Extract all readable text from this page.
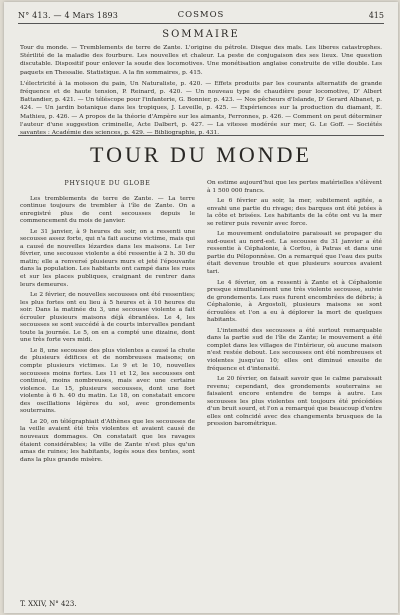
N° 413. — 4 Mars 1893	COSMOS	415
SOMMAIRE

Tour du monde. — Tremblements de terre de Zante. L'origine du pétrole. Disque des maïs. Les liberes catastrophes. Stérilité de la maladie des fourbure. Les nouvelles et chaleur. La peste de conjugaison des ses lieux. Une question discutable. Dispositif pour enlever la soude des locomotives. Une monétisation anglaise construite de ville double. Les paquets en Thessalie. Statistique. A la fin sommaires, p. 415.

L'électricité à la moisson du pain, Un Naturaliste, p. 420. — Effets produits par les courants alternatifs de grande fréquence et de haute tension, P. Reinard, p. 420. — Un nouveau type de chaudière pour locomotive, D' Albert Battandier, p. 421. — Un téléscope pour l'infanterie, G. Bonnier, p. 423. — Nos pêcheurs d'Islande, D' Gerard Albanet, p. 424. — Un jardin botanique dans les tropiques, J. Leveille, p. 425. — Expériences sur la production du diamant, E. Mathieu, p. 426. — A propos de la théorie d'Ampère sur les aimants, Ferronnes, p. 426. — Comment on peut déterminer l'auteur d'une suggestion criminelle, Acte Dalbert, p. 427. — La vitesse modérée sur mer, G. Le Goff. — Sociétés savantes : Académie des sciences, p. 429. — Bibliographie, p. 431.

TOUR DU MONDE
PHYSIQUE DU GLOBE

Les tremblements de terre de Zante. — La terre continue toujours de trembler à l'île de Zante. On a enregistré plus de cent secousses depuis le commencement du mois de janvier.

Le 31 janvier, à 9 heures du soir, on a ressenti une secousse assez forte, qui n'a fait aucune victime, mais qui a causé de nouvelles lézardes dans les maisons. Le 1er février, une secousse violente a été ressentie à 2 h. 30 du matin; elle a renversé plusieurs murs et jeté l'épouvante dans la population. Les habitants ont campé dans les rues et sur les places publiques, craignant de rentrer dans leurs demeures.

Le 2 février, de nouvelles secousses ont été ressenties; les plus fortes ont eu lieu à 5 heures et à 10 heures du soir. Dans la matinée du 3, une secousse violente a fait écrouler plusieurs maisons déjà ébranlées. Le 4, les secousses se sont succédé à de courts intervalles pendant toute la journée. Le 5, on en a compté une dizaine, dont une très forte vers midi.

Le 8, une secousse des plus violentes a causé la chute de plusieurs édifices et de nombreuses maisons; on compte plusieurs victimes. Le 9 et le 10, nouvelles secousses moins fortes. Les 11 et 12, les secousses ont continué, moins nombreuses, mais avec une certaine violence. Le 15, plusieurs secousses, dont une fort violente à 6 h. 40 du matin. Le 18, on constatait encore des oscillations légères du sol, avec grondements souterrains.

Le 20, on télégraphiait d'Athènes que les secousses de la veille avaient été très violentes et avaient causé de nouveaux dommages. On constatait que les ravages étaient considérables; la ville de Zante n'est plus qu'un amas de ruines; les habitants, logés sous des tentes, sont dans la plus grande misère.

On estime aujourd'hui que les pertes matérielles s'élèvent à 1 500 000 francs.

Le 6 février au soir, la mer, subitement agitée, a envahi une partie du rivage; des barques ont été jetées à la côte et brisées. Les habitants de la côte ont vu la mer se retirer puis revenir avec force.

Le mouvement ondulatoire paraissait se propager du sud-ouest au nord-est. La secousse du 31 janvier a été ressentie à Céphalonie, à Corfou, à Patras et dans une partie du Péloponnèse. On a remarqué que l'eau des puits était devenue trouble et que plusieurs sources avaient tari.

Le 4 février, on a ressenti à Zante et à Céphalonie presque simultanément une très violente secousse, suivie de grondements. Les rues furent encombrées de débris; à Céphalonie, à Argostoli, plusieurs maisons se sont écroulées et l'on a eu à déplorer la mort de quelques habitants.

L'intensité des secousses a été surtout remarquable dans la partie sud de l'île de Zante; le mouvement a été complet dans les villages de l'intérieur, où aucune maison n'est restée debout. Les secousses ont été nombreuses et violentes jusqu'au 10; elles ont diminué ensuite de fréquence et d'intensité.

Le 20 février, on faisait savoir que le calme paraissait revenu; cependant, des grondements souterrains se faisaient encore entendre de temps à autre. Les secousses les plus violentes ont toujours été précédées d'un bruit sourd, et l'on a remarqué que beaucoup d'entre elles ont coïncidé avec des changements brusques de la pression barométrique.

T. XXIV, N° 423.
